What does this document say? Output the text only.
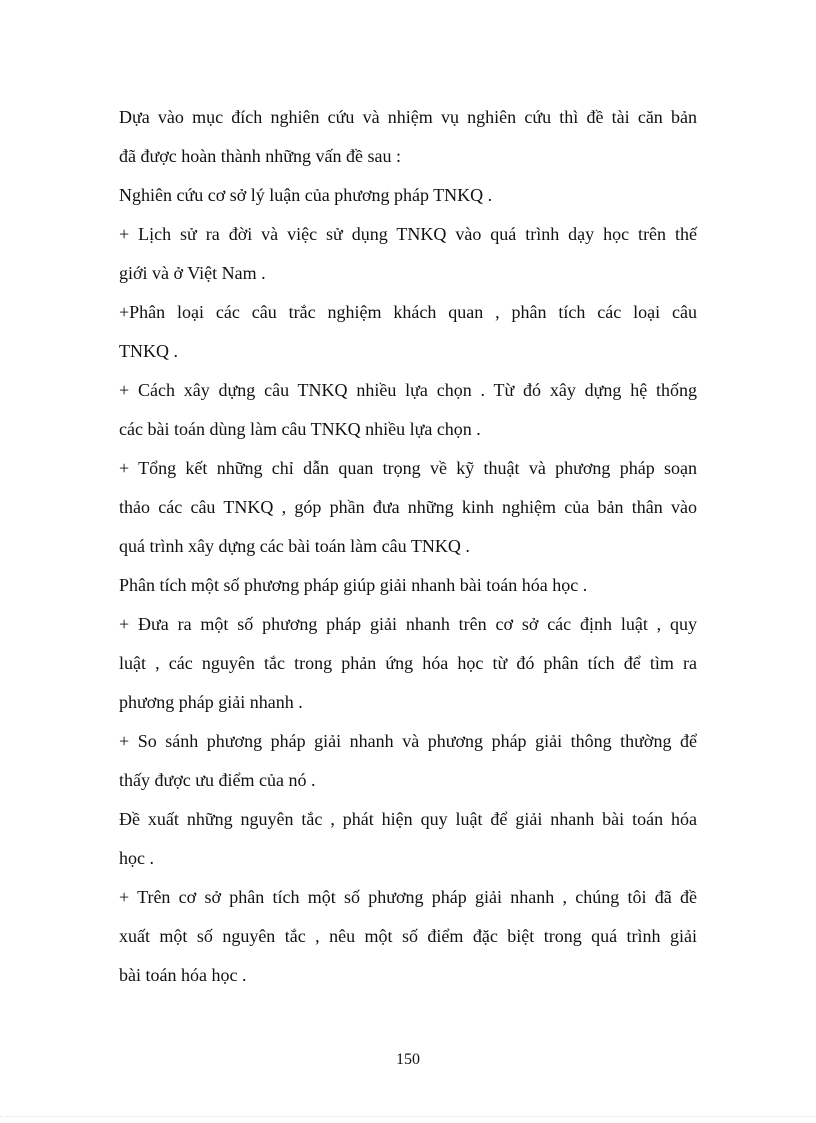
Dựa vào mục đích nghiên cứu và nhiệm vụ nghiên cứu thì đề tài căn bản
đã được hoàn thành những vấn đề sau :
Nghiên cứu cơ sở lý luận của phương pháp TNKQ .
+ Lịch sử ra đời và việc sử dụng TNKQ vào quá trình dạy học trên thế
giới và ở Việt Nam .
+Phân loại các câu trắc nghiệm khách quan , phân tích các loại câu
TNKQ .
+ Cách xây dựng câu TNKQ nhiều lựa chọn . Từ đó xây dựng hệ thống
các bài toán dùng làm câu TNKQ nhiều lựa chọn .
+ Tổng kết những chỉ dẫn quan trọng về kỹ thuật và phương pháp soạn
thảo các câu TNKQ , góp phần đưa những kinh nghiệm của bản thân vào
quá trình xây dựng các bài toán làm câu TNKQ .
Phân tích một số phương pháp giúp giải nhanh bài toán hóa học .
+ Đưa ra một số phương pháp giải nhanh trên cơ sở các định luật , quy
luật , các nguyên tắc trong phản ứng hóa học từ đó phân tích để tìm ra
phương pháp giải nhanh .
+ So sánh phương pháp giải nhanh và phương pháp giải thông thường để
thấy được ưu điểm của nó .
Đề xuất những nguyên tắc , phát hiện quy luật để giải nhanh bài toán hóa
học .
+ Trên cơ sở phân tích một số phương pháp giải nhanh , chúng tôi đã đề
xuất một số nguyên tắc , nêu một số điểm đặc biệt trong quá trình giải
bài toán hóa học .
150
